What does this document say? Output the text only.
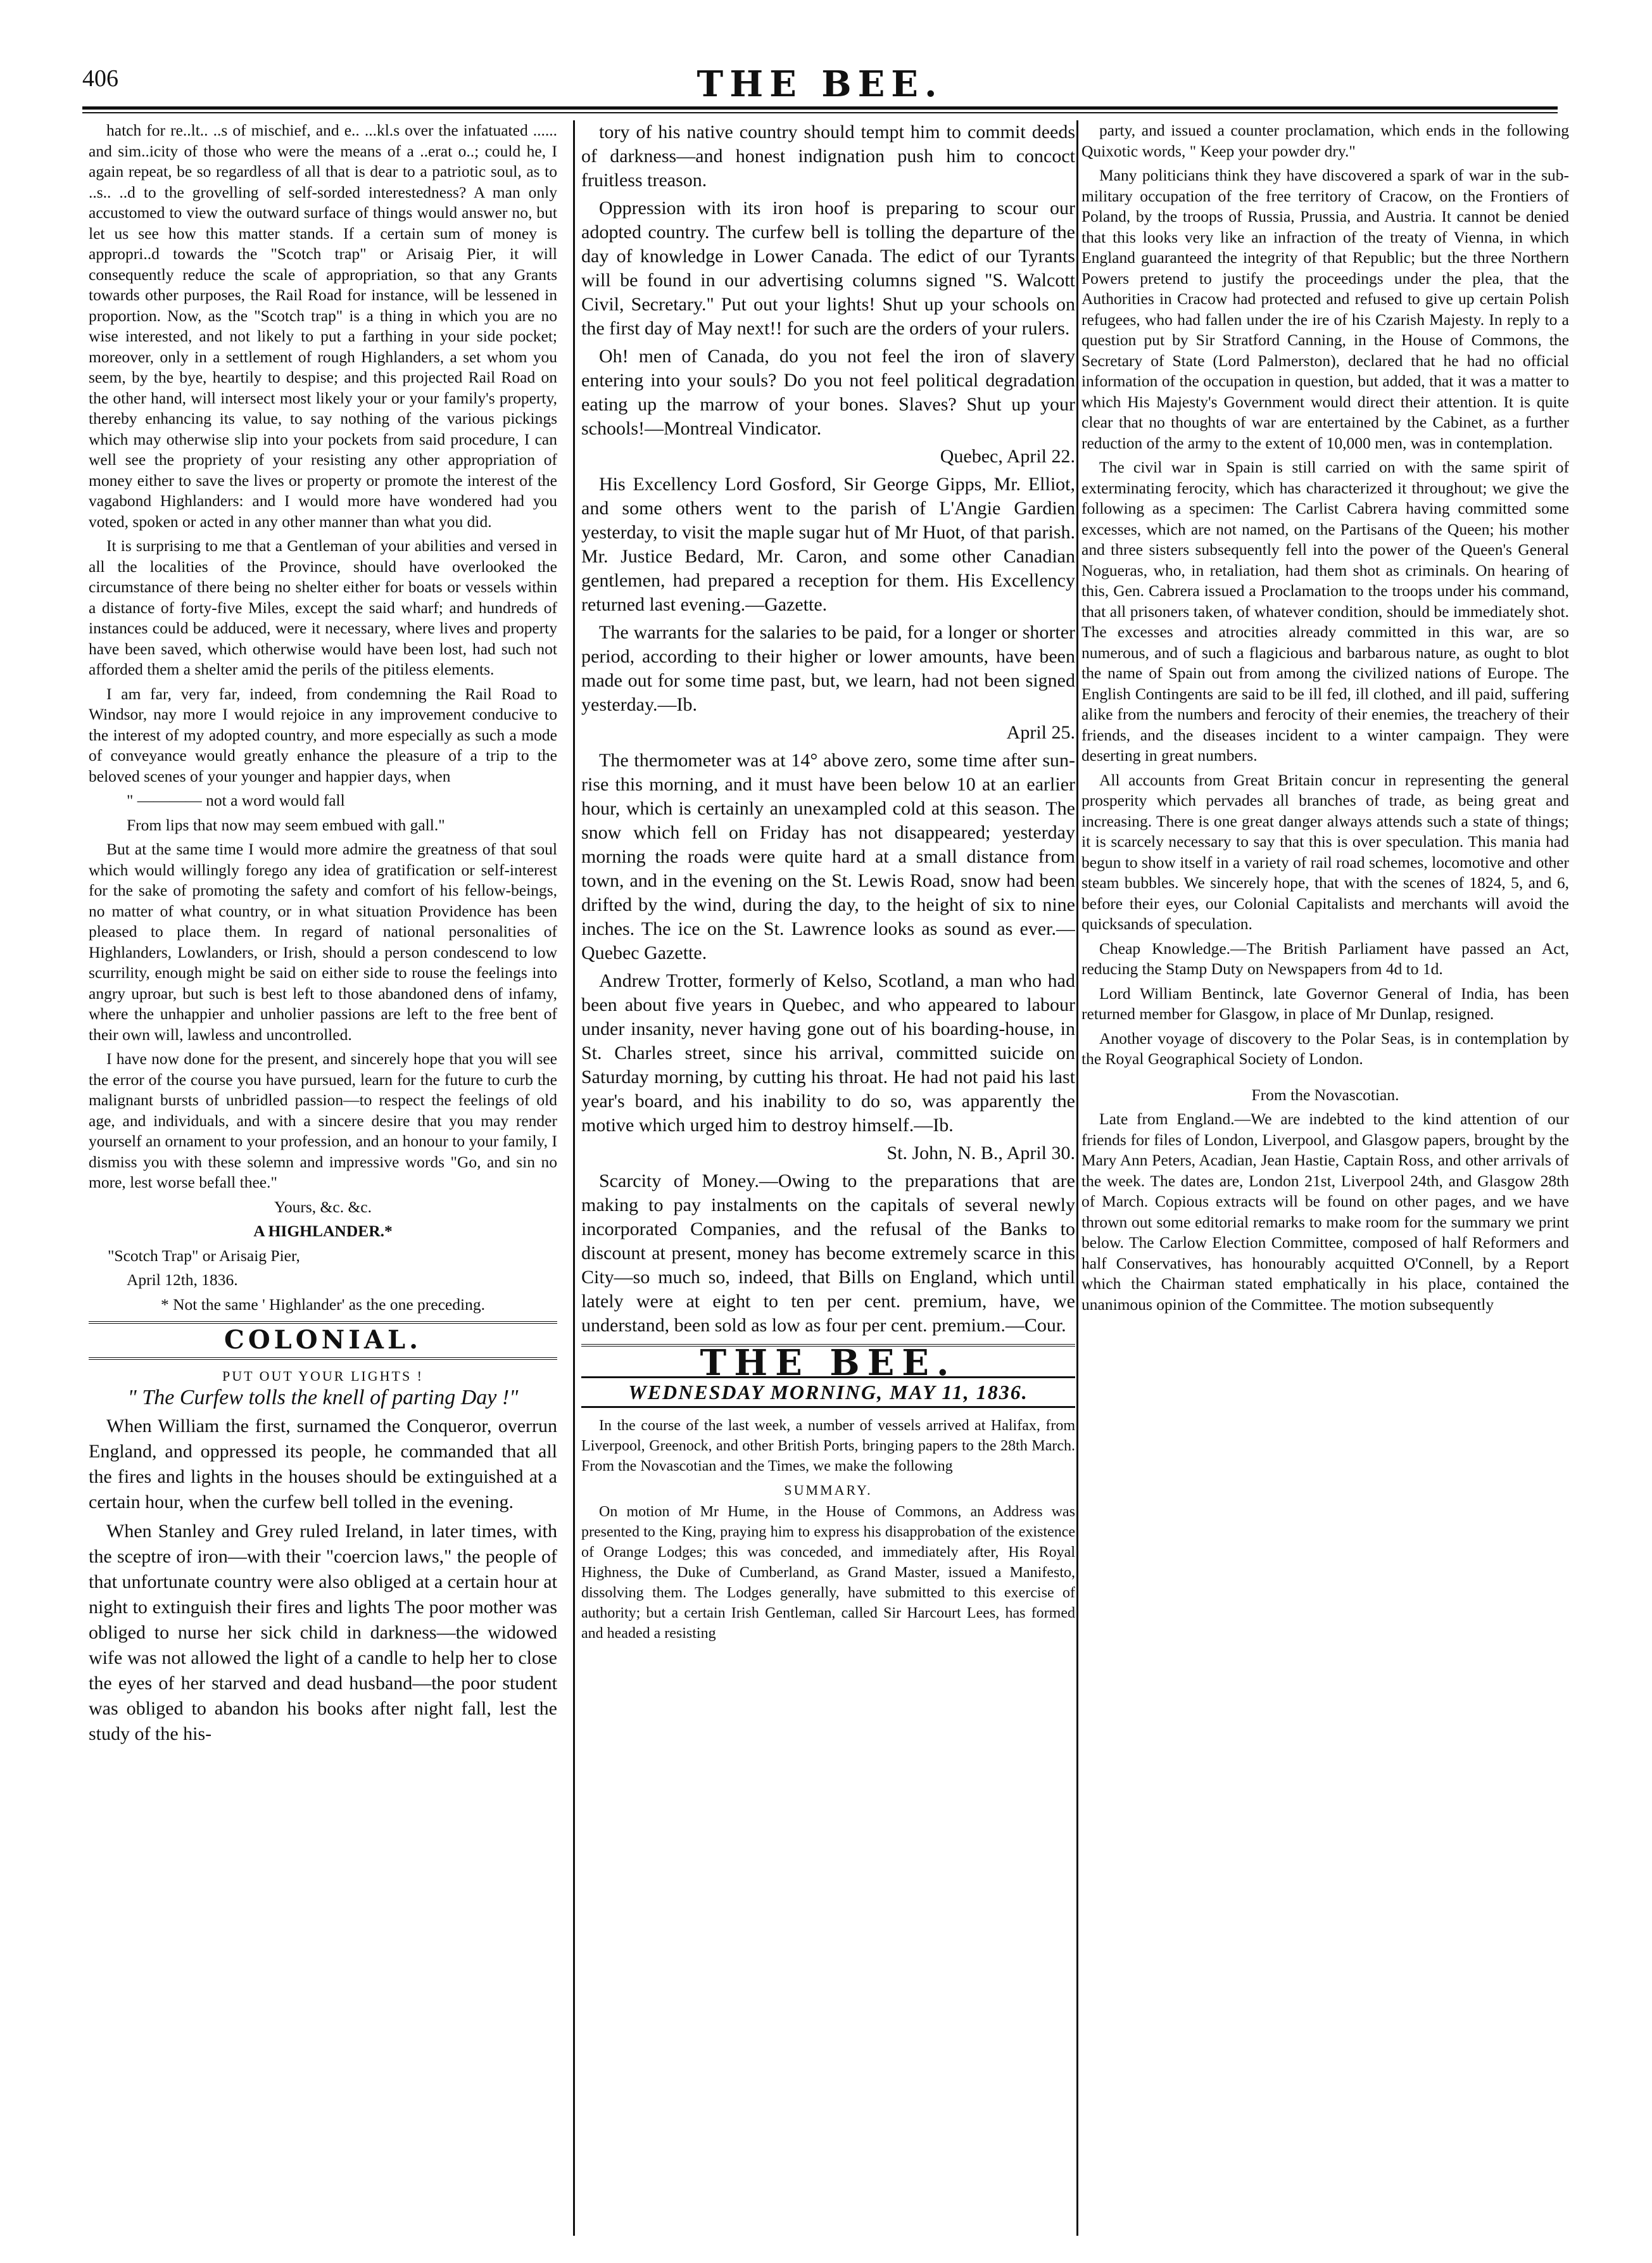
406	THE BEE.

hatch for re..lt.. ..s of mischief, and e.. ...kl.s over the infatuated ...... and sim..icity of those who were the means of a ..erat o..; could he, I again repeat, be so regardless of all that is dear to a patriotic soul, as to ..s.. ..d to the grovelling of self-sorded interestedness? A man only accustomed to view the outward surface of things would answer no, but let us see how this matter stands. If a certain sum of money is appropri..d towards the "Scotch trap" or Arisaig Pier, it will consequently reduce the scale of appropriation, so that any Grants towards other purposes, the Rail Road for instance, will be lessened in proportion. Now, as the "Scotch trap" is a thing in which you are no wise interested, and not likely to put a farthing in your side pocket; moreover, only in a settlement of rough Highlanders, a set whom you seem, by the bye, heartily to despise; and this projected Rail Road on the other hand, will intersect most likely your or your family's property, thereby enhancing its value, to say nothing of the various pickings which may otherwise slip into your pockets from said procedure, I can well see the propriety of your resisting any other appropriation of money either to save the lives or property or promote the interest of the vagabond Highlanders: and I would more have wondered had you voted, spoken or acted in any other manner than what you did.

It is surprising to me that a Gentleman of your abilities and versed in all the localities of the Province, should have overlooked the circumstance of there being no shelter either for boats or vessels within a distance of forty-five Miles, except the said wharf; and hundreds of instances could be adduced, were it necessary, where lives and property have been saved, which otherwise would have been lost, had such not afforded them a shelter amid the perils of the pitiless elements.

I am far, very far, indeed, from condemning the Rail Road to Windsor, nay more I would rejoice in any improvement conducive to the interest of my adopted country, and more especially as such a mode of conveyance would greatly enhance the pleasure of a trip to the beloved scenes of your younger and happier days, when

" ———— not a word would fall

From lips that now may seem embued with gall."

But at the same time I would more admire the greatness of that soul which would willingly forego any idea of gratification or self-interest for the sake of promoting the safety and comfort of his fellow-beings, no matter of what country, or in what situation Providence has been pleased to place them. In regard of national personalities of Highlanders, Lowlanders, or Irish, should a person condescend to low scurrility, enough might be said on either side to rouse the feelings into angry uproar, but such is best left to those abandoned dens of infamy, where the unhappier and unholier passions are left to the free bent of their own will, lawless and uncontrolled.

I have now done for the present, and sincerely hope that you will see the error of the course you have pursued, learn for the future to curb the malignant bursts of unbridled passion—to respect the feelings of old age, and individuals, and with a sincere desire that you may render yourself an ornament to your profession, and an honour to your family, I dismiss you with these solemn and impressive words "Go, and sin no more, lest worse befall thee."

Yours, &c. &c.

A HIGHLANDER.*

"Scotch Trap" or Arisaig Pier,

April 12th, 1836.

* Not the same ' Highlander' as the one preceding.

COLONIAL.
PUT OUT YOUR LIGHTS !
" The Curfew tolls the knell of parting Day !"

When William the first, surnamed the Conqueror, overrun England, and oppressed its people, he commanded that all the fires and lights in the houses should be extinguished at a certain hour, when the curfew bell tolled in the evening.

When Stanley and Grey ruled Ireland, in later times, with the sceptre of iron—with their "coercion laws," the people of that unfortunate country were also obliged at a certain hour at night to extinguish their fires and lights The poor mother was obliged to nurse her sick child in darkness—the widowed wife was not allowed the light of a candle to help her to close the eyes of her starved and dead husband—the poor student was obliged to abandon his books after night fall, lest the study of the his-

tory of his native country should tempt him to commit deeds of darkness—and honest indignation push him to concoct fruitless treason.

Oppression with its iron hoof is preparing to scour our adopted country. The curfew bell is tolling the departure of the day of knowledge in Lower Canada. The edict of our Tyrants will be found in our advertising columns signed "S. Walcott Civil, Secretary." Put out your lights! Shut up your schools on the first day of May next!! for such are the orders of your rulers.

Oh! men of Canada, do you not feel the iron of slavery entering into your souls? Do you not feel political degradation eating up the marrow of your bones. Slaves? Shut up your schools!—Montreal Vindicator.

Quebec, April 22.

His Excellency Lord Gosford, Sir George Gipps, Mr. Elliot, and some others went to the parish of L'Angie Gardien yesterday, to visit the maple sugar hut of Mr Huot, of that parish. Mr. Justice Bedard, Mr. Caron, and some other Canadian gentlemen, had prepared a reception for them. His Excellency returned last evening.—Gazette.

The warrants for the salaries to be paid, for a longer or shorter period, according to their higher or lower amounts, have been made out for some time past, but, we learn, had not been signed yesterday.—Ib.

April 25.

The thermometer was at 14° above zero, some time after sun-rise this morning, and it must have been below 10 at an earlier hour, which is certainly an unexampled cold at this season. The snow which fell on Friday has not disappeared; yesterday morning the roads were quite hard at a small distance from town, and in the evening on the St. Lewis Road, snow had been drifted by the wind, during the day, to the height of six to nine inches. The ice on the St. Lawrence looks as sound as ever.—Quebec Gazette.

Andrew Trotter, formerly of Kelso, Scotland, a man who had been about five years in Quebec, and who appeared to labour under insanity, never having gone out of his boarding-house, in St. Charles street, since his arrival, committed suicide on Saturday morning, by cutting his throat. He had not paid his last year's board, and his inability to do so, was apparently the motive which urged him to destroy himself.—Ib.

St. John, N. B., April 30.

Scarcity of Money.—Owing to the preparations that are making to pay instalments on the capitals of several newly incorporated Companies, and the refusal of the Banks to discount at present, money has become extremely scarce in this City—so much so, indeed, that Bills on England, which until lately were at eight to ten per cent. premium, have, we understand, been sold as low as four per cent. premium.—Cour.

THE BEE.
WEDNESDAY MORNING, MAY 11, 1836.

In the course of the last week, a number of vessels arrived at Halifax, from Liverpool, Greenock, and other British Ports, bringing papers to the 28th March. From the Novascotian and the Times, we make the following

SUMMARY.

On motion of Mr Hume, in the House of Commons, an Address was presented to the King, praying him to express his disapprobation of the existence of Orange Lodges; this was conceded, and immediately after, His Royal Highness, the Duke of Cumberland, as Grand Master, issued a Manifesto, dissolving them. The Lodges generally, have submitted to this exercise of authority; but a certain Irish Gentleman, called Sir Harcourt Lees, has formed and headed a resisting

party, and issued a counter proclamation, which ends in the following Quixotic words, " Keep your powder dry."

Many politicians think they have discovered a spark of war in the sub-military occupation of the free territory of Cracow, on the Frontiers of Poland, by the troops of Russia, Prussia, and Austria. It cannot be denied that this looks very like an infraction of the treaty of Vienna, in which England guaranteed the integrity of that Republic; but the three Northern Powers pretend to justify the proceedings under the plea, that the Authorities in Cracow had protected and refused to give up certain Polish refugees, who had fallen under the ire of his Czarish Majesty. In reply to a question put by Sir Stratford Canning, in the House of Commons, the Secretary of State (Lord Palmerston), declared that he had no official information of the occupation in question, but added, that it was a matter to which His Majesty's Government would direct their attention. It is quite clear that no thoughts of war are entertained by the Cabinet, as a further reduction of the army to the extent of 10,000 men, was in contemplation.

The civil war in Spain is still carried on with the same spirit of exterminating ferocity, which has characterized it throughout; we give the following as a specimen: The Carlist Cabrera having committed some excesses, which are not named, on the Partisans of the Queen; his mother and three sisters subsequently fell into the power of the Queen's General Nogueras, who, in retaliation, had them shot as criminals. On hearing of this, Gen. Cabrera issued a Proclamation to the troops under his command, that all prisoners taken, of whatever condition, should be immediately shot. The excesses and atrocities already committed in this war, are so numerous, and of such a flagicious and barbarous nature, as ought to blot the name of Spain out from among the civilized nations of Europe. The English Contingents are said to be ill fed, ill clothed, and ill paid, suffering alike from the numbers and ferocity of their enemies, the treachery of their friends, and the diseases incident to a winter campaign. They were deserting in great numbers.

All accounts from Great Britain concur in representing the general prosperity which pervades all branches of trade, as being great and increasing. There is one great danger always attends such a state of things; it is scarcely necessary to say that this is over speculation. This mania had begun to show itself in a variety of rail road schemes, locomotive and other steam bubbles. We sincerely hope, that with the scenes of 1824, 5, and 6, before their eyes, our Colonial Capitalists and merchants will avoid the quicksands of speculation.

Cheap Knowledge.—The British Parliament have passed an Act, reducing the Stamp Duty on Newspapers from 4d to 1d.

Lord William Bentinck, late Governor General of India, has been returned member for Glasgow, in place of Mr Dunlap, resigned.

Another voyage of discovery to the Polar Seas, is in contemplation by the Royal Geographical Society of London.

From the Novascotian.

Late from England.—We are indebted to the kind attention of our friends for files of London, Liverpool, and Glasgow papers, brought by the Mary Ann Peters, Acadian, Jean Hastie, Captain Ross, and other arrivals of the week. The dates are, London 21st, Liverpool 24th, and Glasgow 28th of March. Copious extracts will be found on other pages, and we have thrown out some editorial remarks to make room for the summary we print below. The Carlow Election Committee, composed of half Reformers and half Conservatives, has honourably acquitted O'Connell, by a Report which the Chairman stated emphatically in his place, contained the unanimous opinion of the Committee. The motion subsequently
